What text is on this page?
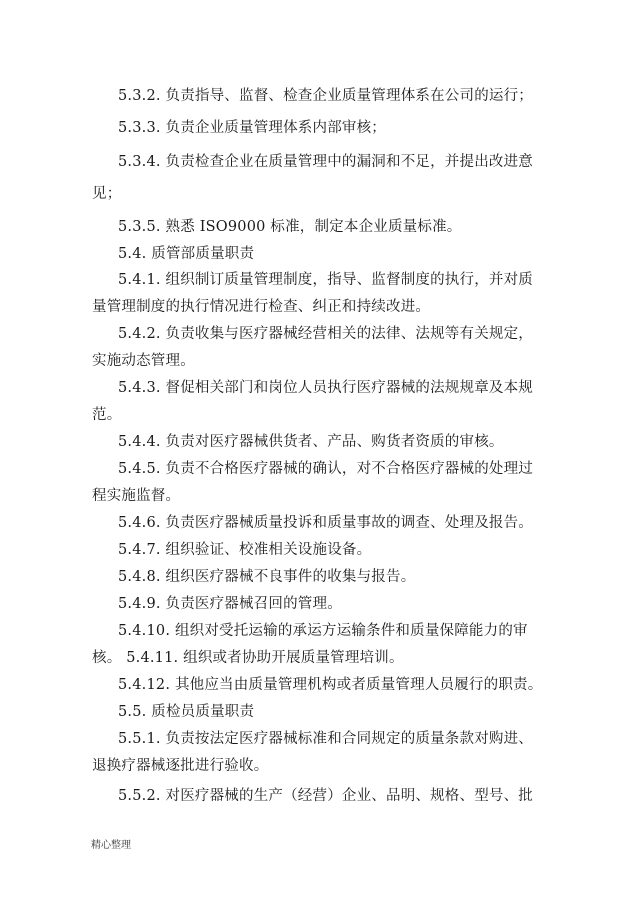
5.3.2. 负责指导、监督、检查企业质量管理体系在公司的运行；
5.3.3. 负责企业质量管理体系内部审核；
5.3.4. 负责检查企业在质量管理中的漏洞和不足，并提出改进意
见；
5.3.5. 熟悉 ISO9000 标准，制定本企业质量标准。
5.4. 质管部质量职责
5.4.1. 组织制订质量管理制度，指导、监督制度的执行，并对质
量管理制度的执行情况进行检查、纠正和持续改进。
5.4.2. 负责收集与医疗器械经营相关的法律、法规等有关规定，
实施动态管理。
5.4.3. 督促相关部门和岗位人员执行医疗器械的法规规章及本规
范。
5.4.4. 负责对医疗器械供货者、产品、购货者资质的审核。
5.4.5. 负责不合格医疗器械的确认，对不合格医疗器械的处理过
程实施监督。
5.4.6. 负责医疗器械质量投诉和质量事故的调查、处理及报告。
5.4.7. 组织验证、校准相关设施设备。
5.4.8. 组织医疗器械不良事件的收集与报告。
5.4.9. 负责医疗器械召回的管理。
5.4.10. 组织对受托运输的承运方运输条件和质量保障能力的审
核。 5.4.11. 组织或者协助开展质量管理培训。
5.4.12. 其他应当由质量管理机构或者质量管理人员履行的职责。
5.5. 质检员质量职责
5.5.1. 负责按法定医疗器械标准和合同规定的质量条款对购进、
退换疗器械逐批进行验收。
5.5.2. 对医疗器械的生产（经营）企业、品明、规格、型号、批
精心整理
